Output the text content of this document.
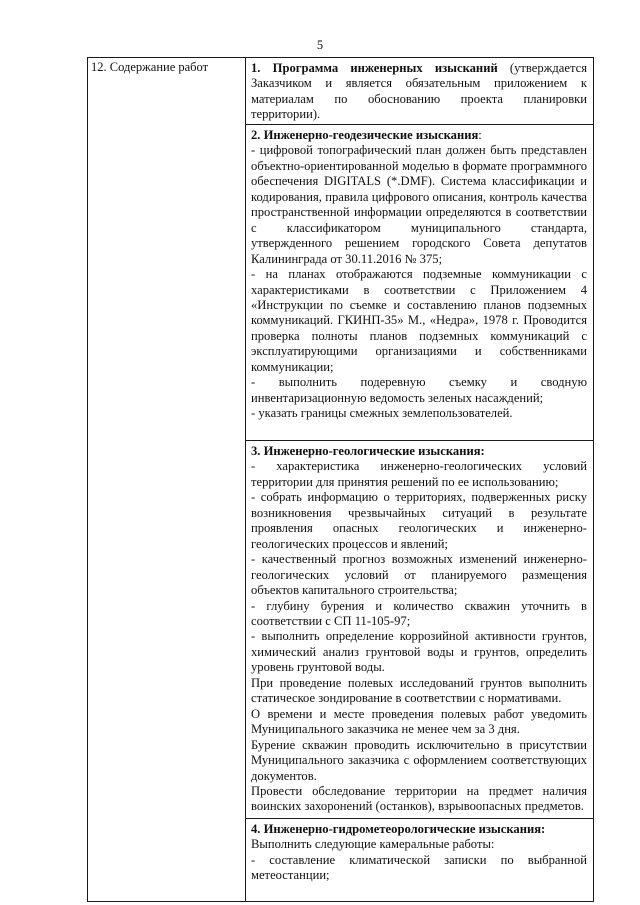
5
12. Содержание работ	1. Программа инженерных изысканий (утверждается Заказчиком и является обязательным приложением к материалам по обоснованию проекта планировки территории).

2. Инженерно-геодезические изыскания:

- цифровой топографический план должен быть представлен объектно-ориентированной моделью в формате программного обеспечения DIGITALS (*.DMF). Система классификации и кодирования, правила цифрового описания, контроль качества пространственной информации определяются в соответствии с классификатором муниципального стандарта, утвержденного решением городского Совета депутатов Калининграда от 30.11.2016 № 375;

- на планах отображаются подземные коммуникации с характеристиками в соответствии с Приложением 4 «Инструкции по съемке и составлению планов подземных коммуникаций. ГКИНП-35» М., «Недра», 1978 г. Проводится проверка полноты планов подземных коммуникаций с эксплуатирующими организациями и собственниками коммуникации;

- выполнить подеревную съемку и сводную инвентаризационную ведомость зеленых насаждений;

- указать границы смежных землепользователей.

3. Инженерно-геологические изыскания:

- характеристика инженерно-геологических условий территории для принятия решений по ее использованию;

- собрать информацию о территориях, подверженных риску возникновения чрезвычайных ситуаций в результате проявления опасных геологических и инженерно-геологических процессов и явлений;

- качественный прогноз возможных изменений инженерно-геологических условий от планируемого размещения объектов капитального строительства;

- глубину бурения и количество скважин уточнить в соответствии с СП 11-105-97;

- выполнить определение коррозийной активности грунтов, химический анализ грунтовой воды и грунтов, определить уровень грунтовой воды.

При проведение полевых исследований грунтов выполнить статическое зондирование в соответствии с нормативами.

О времени и месте проведения полевых работ уведомить Муниципального заказчика не менее чем за 3 дня.

Бурение скважин проводить исключительно в присутствии Муниципального заказчика с оформлением соответствующих документов.

Провести обследование территории на предмет наличия воинских захоронений (останков), взрывоопасных предметов.

4. Инженерно-гидрометеорологические изыскания:

Выполнить следующие камеральные работы:

- составление климатической записки по выбранной метеостанции;
